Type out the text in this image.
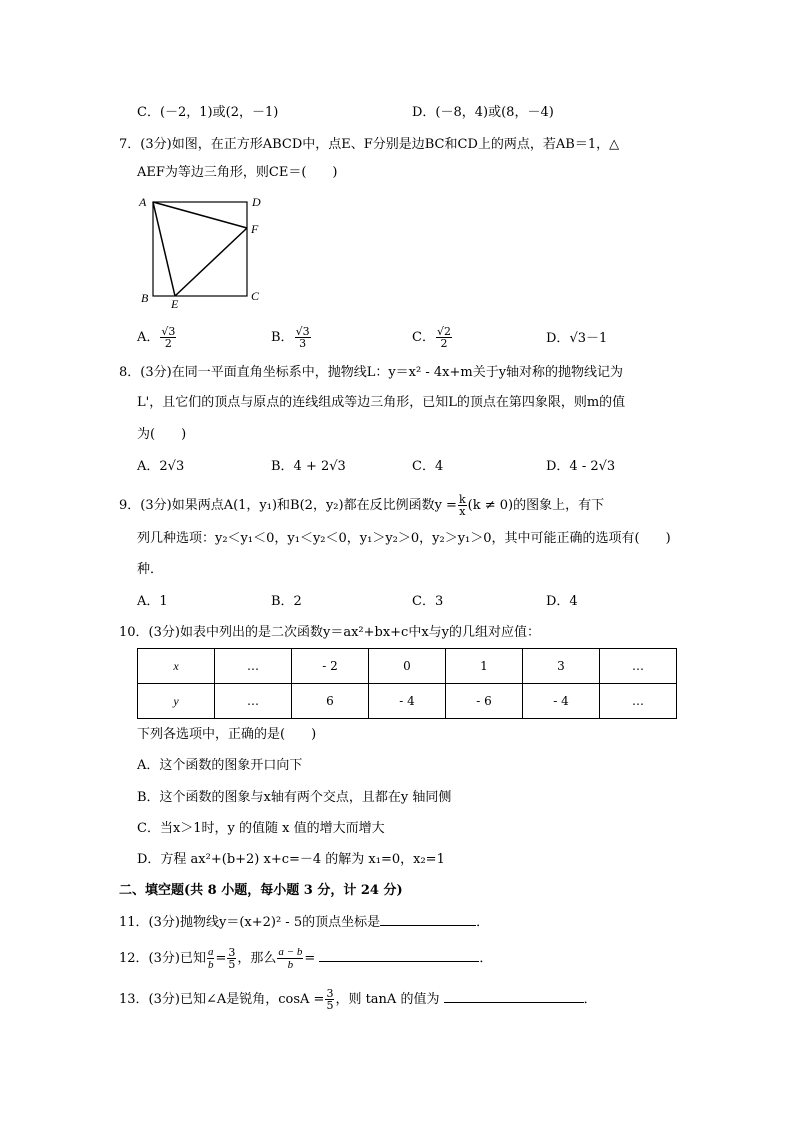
C．(－2，1)或(2，－1)	D．(－8，4)或(8，－4)
7．(3分)如图，在正方形ABCD中，点E、F分别是边BC和CD上的两点，若AB＝1，△
AEF为等边三角形，则CE＝(　　)
A	D
F
B E
C
A． $\frac{√3}{2}$	B． $\frac{√3}{3}$	C． $\frac{√2}{2}$	D．√3－1
8．(3分)在同一平面直角坐标系中，抛物线L：y＝x² - 4x+m关于y轴对称的抛物线记为
L'，且它们的顶点与原点的连线组成等边三角形，已知L的顶点在第四象限，则m的值
为(　　)
A．2√3	B．4 + 2√3	C．4	D．4 - 2√3
9．(3分)如果两点A(1，y₁)和B(2，y₂)都在反比例函数$y = \frac{k}{x} (k \ne 0)$的图象上，有下
列几种选项：y₂＜y₁＜0，y₁＜y₂＜0，y₁＞y₂＞0，y₂＞y₁＞0，其中可能正确的选项有(　　)
种．
A．1	B．2	C．3	D．4
10．(3分)如表中列出的是二次函数y＝ax²+bx+c中x与y的几组对应值：
x	…	- 2	0	1	3	…
y	…	6	- 4	- 6	- 4	…
下列各选项中，正确的是(　　)
A．这个函数的图象开口向下
B．这个函数的图象与x轴有两个交点，且都在y 轴同侧
C．当x＞1时，y 的值随 x 值的增大而增大
D．方程 ax²+(b+2) x+c=－4 的解为 x₁=0，x₂=1
二、填空题(共 8 小题，每小题 3 分，计 24 分)
11．(3分)抛物线y＝(x+2)² - 5的顶点坐标是	．
12．(3分)已知 $\frac{a}{b} = \frac{3}{5}$ ，那么 $\frac{a - b}{b}$ =	．
13．(3分)已知∠A是锐角，$\cos A = \frac{3}{5}$ ，则 tanA 的值为	．
